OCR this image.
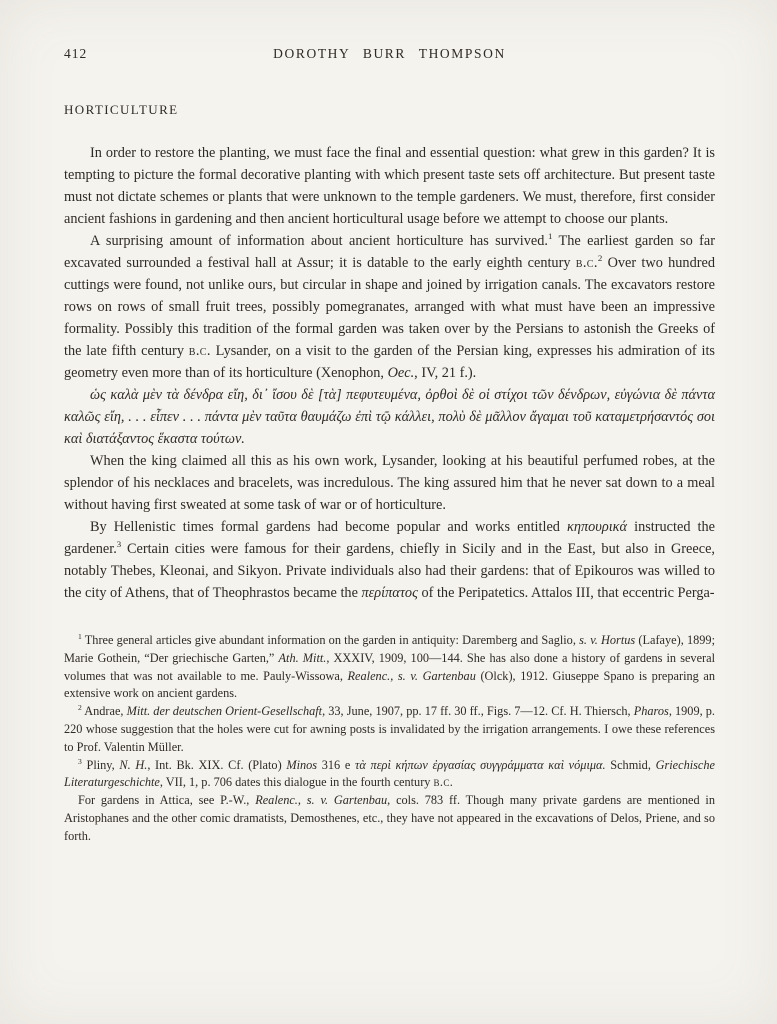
412	DOROTHY BURR THOMPSON
HORTICULTURE

In order to restore the planting, we must face the final and essential question: what grew in this garden? It is tempting to picture the formal decorative planting with which present taste sets off architecture. But present taste must not dictate schemes or plants that were unknown to the temple gardeners. We must, therefore, first consider ancient fashions in gardening and then ancient horticultural usage before we attempt to choose our plants.

A surprising amount of information about ancient horticulture has survived.$^1$ The earliest garden so far excavated surrounded a festival hall at Assur; it is datable to the early eighth century b.c.$^2$ Over two hundred cuttings were found, not unlike ours, but circular in shape and joined by irrigation canals. The excavators restore rows on rows of small fruit trees, possibly pomegranates, arranged with what must have been an impressive formality. Possibly this tradition of the formal garden was taken over by the Persians to astonish the Greeks of the late fifth century b.c. Lysander, on a visit to the garden of the Persian king, expresses his admiration of its geometry even more than of its horticulture (Xenophon, Oec., IV, 21 f.).

ὡς καλὰ μὲν τὰ δένδρα εἴη, δι᾽ ἴσου δὲ [τὰ] πεφυτευμένα, ὀρθοὶ δὲ οἱ στίχοι τῶν δένδρων, εὐγώνια δὲ πάντα καλῶς εἴη, . . . εἶπεν . . . πάντα μὲν ταῦτα θαυμάζω ἐπὶ τῷ κάλλει, πολὺ δὲ μᾶλλον ἄγαμαι τοῦ καταμετρήσαντός σοι καὶ διατάξαντος ἕκαστα τούτων.

When the king claimed all this as his own work, Lysander, looking at his beautiful perfumed robes, at the splendor of his necklaces and bracelets, was incredulous. The king assured him that he never sat down to a meal without having first sweated at some task of war or of horticulture.

By Hellenistic times formal gardens had become popular and works entitled κηπουρικά instructed the gardener.$^3$ Certain cities were famous for their gardens, chiefly in Sicily and in the East, but also in Greece, notably Thebes, Kleonai, and Sikyon. Private individuals also had their gardens: that of Epikouros was willed to the city of Athens, that of Theophrastos became the περίπατος of the Peripatetics. Attalos III, that eccentric Perga-

$^1$ Three general articles give abundant information on the garden in antiquity: Daremberg and Saglio, s. v. Hortus (Lafaye), 1899; Marie Gothein, “Der griechische Garten,” Ath. Mitt., XXXIV, 1909, 100—144. She has also done a history of gardens in several volumes that was not available to me. Pauly-Wissowa, Realenc., s. v. Gartenbau (Olck), 1912. Giuseppe Spano is preparing an extensive work on ancient gardens.

$^2$ Andrae, Mitt. der deutschen Orient-Gesellschaft, 33, June, 1907, pp. 17 ff. 30 ff., Figs. 7—12. Cf. H. Thiersch, Pharos, 1909, p. 220 whose suggestion that the holes were cut for awning posts is invalidated by the irrigation arrangements. I owe these references to Prof. Valentin Müller.

$^3$ Pliny, N. H., Int. Bk. XIX. Cf. (Plato) Minos 316 e τὰ περὶ κήπων ἐργασίας συγγράμματα καὶ νόμιμα. Schmid, Griechische Literaturgeschichte, VII, 1, p. 706 dates this dialogue in the fourth century b.c.

For gardens in Attica, see P.-W., Realenc., s. v. Gartenbau, cols. 783 ff. Though many private gardens are mentioned in Aristophanes and the other comic dramatists, Demosthenes, etc., they have not appeared in the excavations of Delos, Priene, and so forth.
